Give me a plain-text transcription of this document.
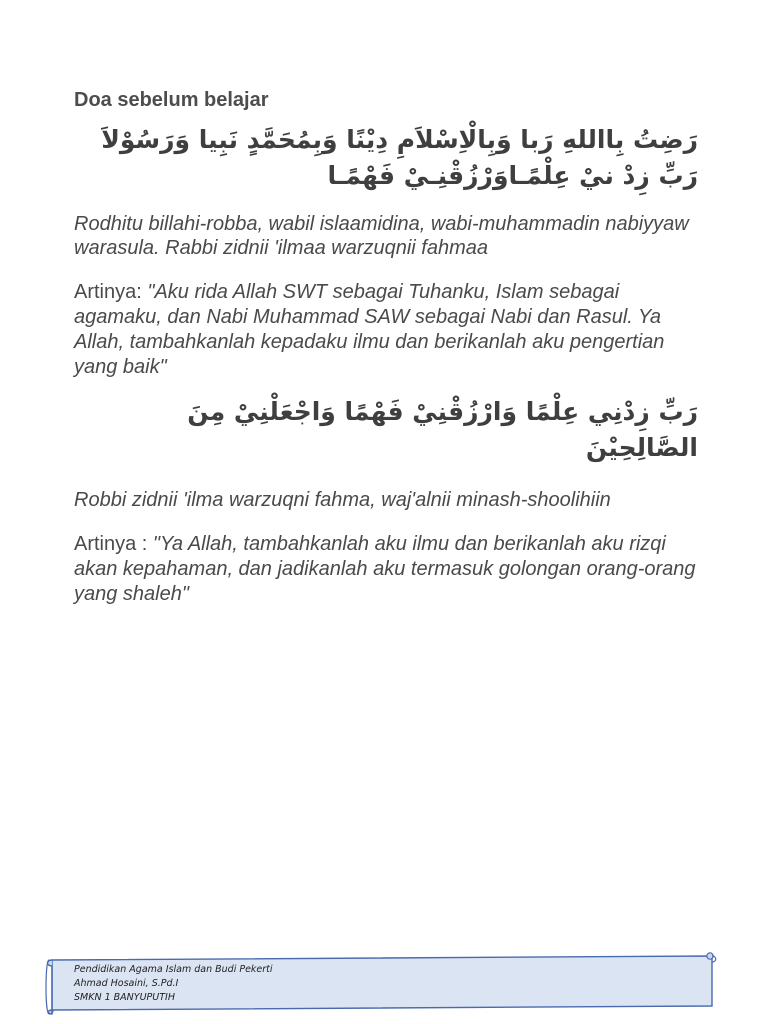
Doa sebelum belajar

رَضِتُ بِااللهِ رَبا وَبِالْاِسْلاَمِ دِيْنًا وَبِمُحَمَّدٍ نَبِيا وَرَسُوْلاَ رَبِّ زِدْ نيْ عِلْمًـاوَرْزُقْنِـيْ فَهْمًـا

Rodhitu billahi-robba, wabil islaamidina, wabi-muhammadin nabiyyaw warasula. Rabbi zidnii 'ilmaa warzuqnii fahmaa

Artinya: "Aku rida Allah SWT sebagai Tuhanku, Islam sebagai agamaku, dan Nabi Muhammad SAW sebagai Nabi dan Rasul. Ya Allah, tambahkanlah kepadaku ilmu dan berikanlah aku pengertian yang baik"

رَبِّ زِدْنِي عِلْمًا وَارْزُقْنِيْ فَهْمًا وَاجْعَلْنِيْ مِنَ الصَّالِحِيْنَ

Robbi zidnii 'ilma warzuqni fahma, waj'alnii minash-shoolihiin

Artinya : "Ya Allah, tambahkanlah aku ilmu dan berikanlah aku rizqi akan kepahaman, dan jadikanlah aku termasuk golongan orang-orang yang shaleh"

Pendidikan Agama Islam dan Budi Pekerti
Ahmad Hosaini, S.Pd.I
SMKN 1 BANYUPUTIH
